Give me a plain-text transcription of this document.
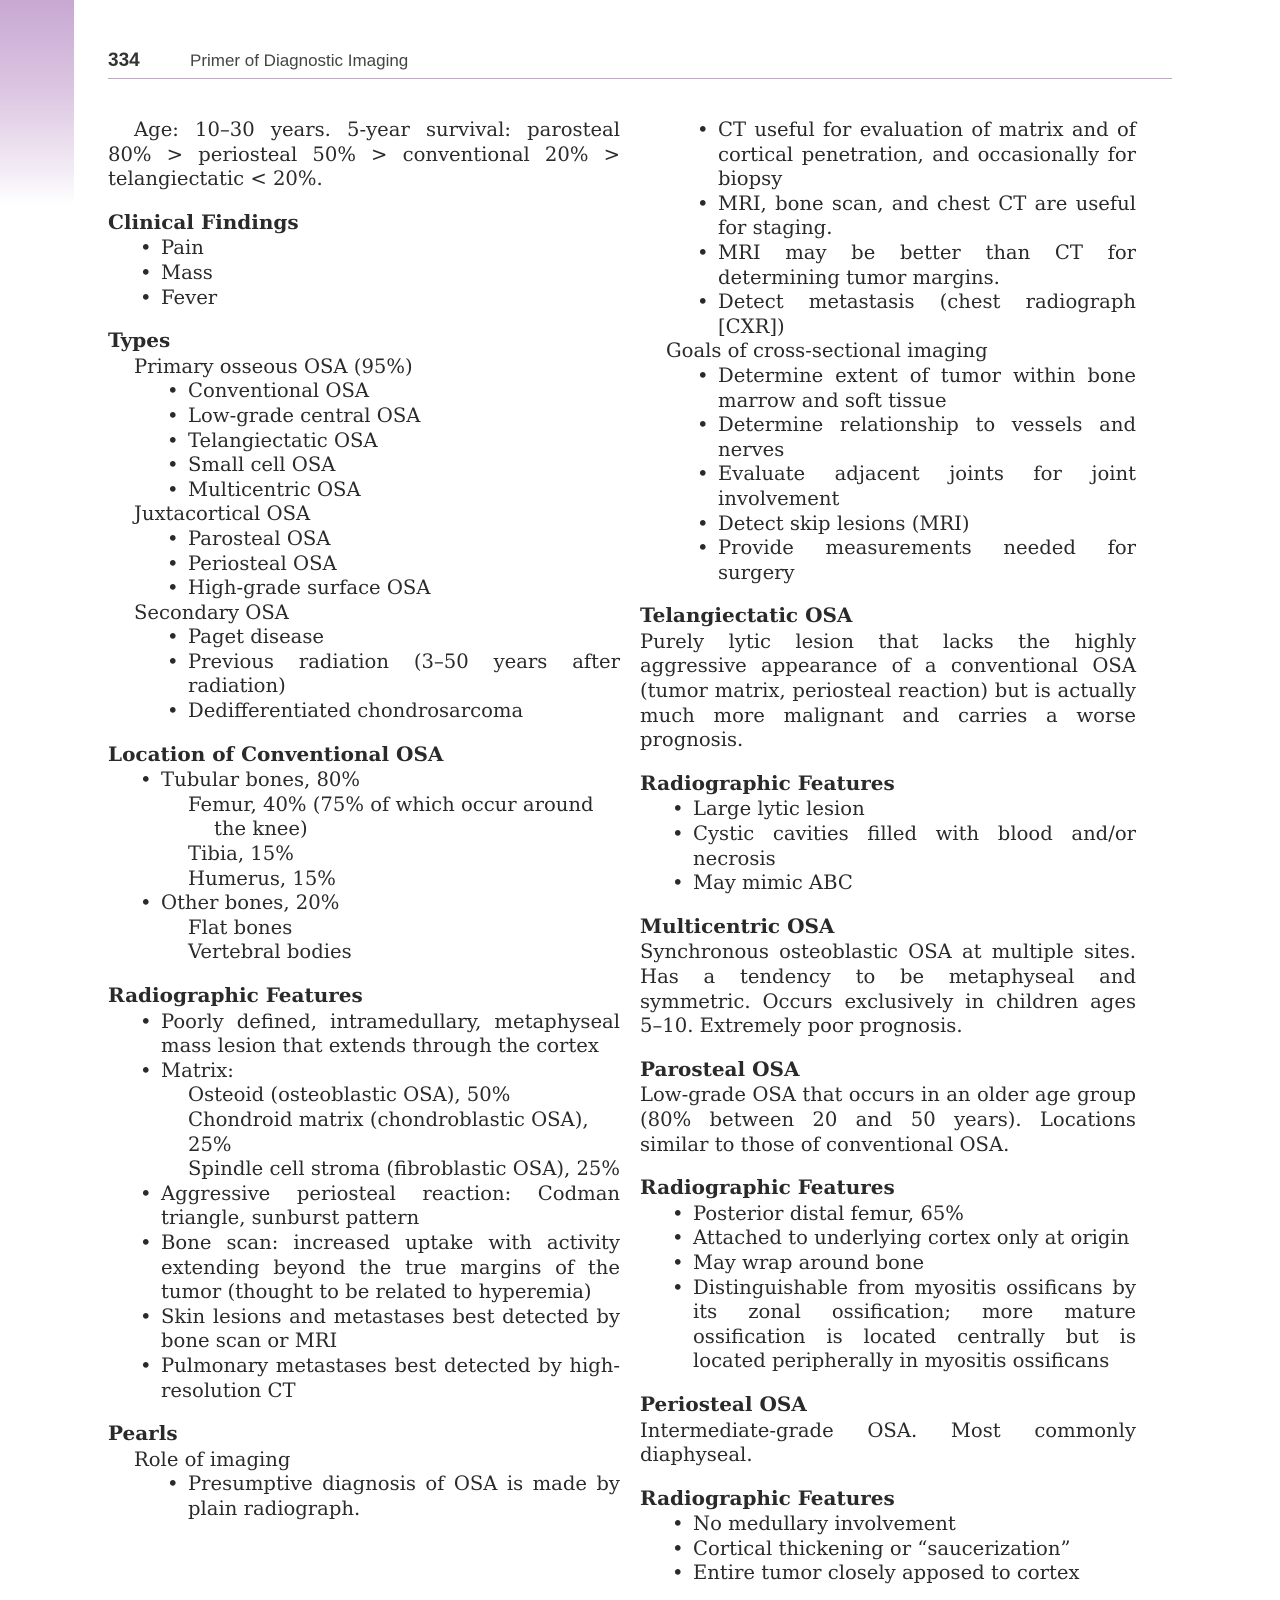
334	Primer of Diagnostic Imaging
Age: 10–30 years. 5-year survival: parosteal 80% > periosteal 50% > conventional 20% > telangiectatic < 20%.
Clinical Findings
• Pain
• Mass
• Fever
Types
Primary osseous OSA (95%)
• Conventional OSA
• Low-grade central OSA
• Telangiectatic OSA
• Small cell OSA
• Multicentric OSA
Juxtacortical OSA
• Parosteal OSA
• Periosteal OSA
• High-grade surface OSA
Secondary OSA
• Paget disease
• Previous radiation (3–50 years after radiation)
• Dedifferentiated chondrosarcoma
Location of Conventional OSA
• Tubular bones, 80%
Femur, 40% (75% of which occur around the knee)
Tibia, 15%
Humerus, 15%
• Other bones, 20%
Flat bones
Vertebral bodies
Radiographic Features
• Poorly defined, intramedullary, metaphyseal mass lesion that extends through the cortex
• Matrix:
Osteoid (osteoblastic OSA), 50%
Chondroid matrix (chondroblastic OSA), 25%
Spindle cell stroma (fibroblastic OSA), 25%
• Aggressive periosteal reaction: Codman triangle, sunburst pattern
• Bone scan: increased uptake with activity extending beyond the true margins of the tumor (thought to be related to hyperemia)
• Skin lesions and metastases best detected by bone scan or MRI
• Pulmonary metastases best detected by high-resolution CT
Pearls
Role of imaging
• Presumptive diagnosis of OSA is made by plain radiograph.
• CT useful for evaluation of matrix and of cortical penetration, and occasionally for biopsy
• MRI, bone scan, and chest CT are useful for staging.
• MRI may be better than CT for determining tumor margins.
• Detect metastasis (chest radiograph [CXR])
Goals of cross-sectional imaging
• Determine extent of tumor within bone marrow and soft tissue
• Determine relationship to vessels and nerves
• Evaluate adjacent joints for joint involvement
• Detect skip lesions (MRI)
• Provide measurements needed for surgery
Telangiectatic OSA
Purely lytic lesion that lacks the highly aggressive appearance of a conventional OSA (tumor matrix, periosteal reaction) but is actually much more malignant and carries a worse prognosis.
Radiographic Features
• Large lytic lesion
• Cystic cavities filled with blood and/or necrosis
• May mimic ABC
Multicentric OSA
Synchronous osteoblastic OSA at multiple sites. Has a tendency to be metaphyseal and symmetric. Occurs exclusively in children ages 5–10. Extremely poor prognosis.
Parosteal OSA
Low-grade OSA that occurs in an older age group (80% between 20 and 50 years). Locations similar to those of conventional OSA.
Radiographic Features
• Posterior distal femur, 65%
• Attached to underlying cortex only at origin
• May wrap around bone
• Distinguishable from myositis ossificans by its zonal ossification; more mature ossification is located centrally but is located peripherally in myositis ossificans
Periosteal OSA
Intermediate-grade OSA. Most commonly diaphyseal.
Radiographic Features
• No medullary involvement
• Cortical thickening or “saucerization”
• Entire tumor closely apposed to cortex
